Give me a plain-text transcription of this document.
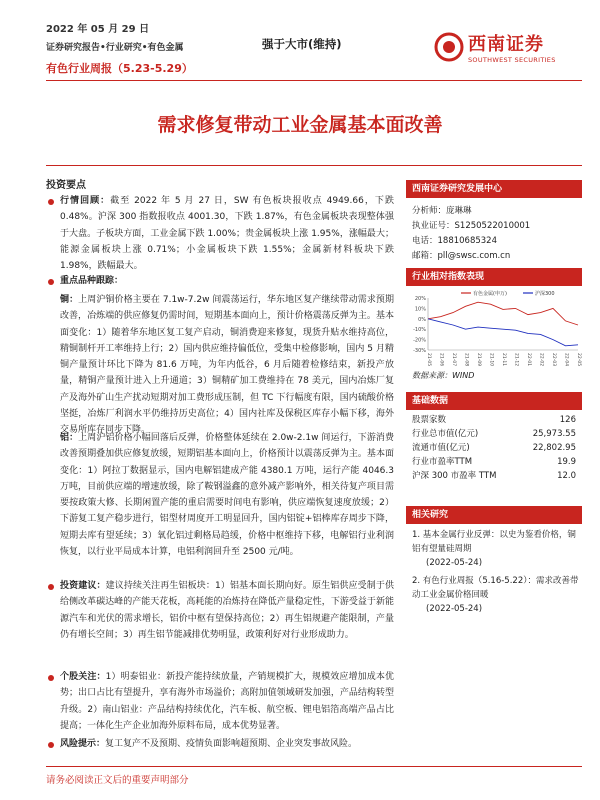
2022 年 05 月 29 日
证券研究报告•行业研究•有色金属
有色行业周报（5.23-5.29）
强于大市(维持)	西南证券
SOUTHWEST SECURITIES
需求修复带动工业金属基本面改善
投资要点
行情回顾：截至 2022 年 5 月 27 日，SW 有色板块报收点 4949.66，下跌 0.48%。沪深 300 指数报收点 4001.30，下跌 1.87%，有色金属板块表现整体强于大盘。子板块方面，工业金属下跌 1.00%；贵金属板块上涨 1.95%，涨幅最大；能源金属板块上涨 0.71%；小金属板块下跌 1.55%；金属新材料板块下跌 1.98%，跌幅最大。
重点品种跟踪：
铜：上周沪铜价格主要在 7.1w-7.2w 间震荡运行，华东地区复产继续带动需求预期改善，冶炼端的供应修复仍需时间，短期基本面向上，预计价格震荡反弹为主。基本面变化：1）随着华东地区复工复产启动，铜消费迎来修复，现货升贴水维持高位，精铜制杆开工率维持上行；2）国内供应维持偏低位，受集中检修影响，国内 5 月精铜产量预计环比下降为 81.6 万吨，为年内低谷，6 月后随着检修结束，新投产放量，精铜产量预计进入上升通道；3）铜精矿加工费维持在 78 美元，国内冶炼厂复产及海外矿山生产扰动短期对加工费形成压制，但 TC 下行幅度有限，国内硫酸价格坚挺，冶炼厂利润水平仍维持历史高位；4）国内社库及保税区库存小幅下移，海外交易所库存同步下降。
铝：上周沪铝价格小幅回落后反弹，价格整体延续在 2.0w-2.1w 间运行，下游消费改善预期叠加供应修复放缓，短期铝基本面向上，价格预计以震荡反弹为主。基本面变化：1）阿拉丁数据显示，国内电解铝建成产能 4380.1 万吨，运行产能 4046.3 万吨，目前供应端的增速放缓，除了鞍钢溢鑫的意外减产影响外，相关待复产项目需要按政策大修、长期闲置产能的重启需要时间电有影响，供应端恢复速度放缓；2）下游复工复产稳步进行，铝型材周度开工明显回升，国内铝锭+铝棒库存周步下降，短期去库有望延续；3）氧化铝过剩格局趋缓，价格中枢维持下移，电解铝行业利润恢复，以行业平局成本计算，电铝利润回升至 2500 元/吨。
投资建议：建议持续关注再生铝板块：1）铝基本面长期向好。原生铝供应受制于供给侧改革碳达峰的产能天花板，高耗能的冶炼持在降低产量稳定性，下游受益于新能源汽车和光伏的需求增长，铝价中枢有望保持高位；2）再生铝规避产能限制，产量仍有增长空间；3）再生铝节能减排优势明显，政策利好对行业形成助力。
个股关注：1）明泰铝业：新投产能持续放量，产销规模扩大，规模效应增加成本优势；出口占比有望提升，享有海外市场溢价；高附加值领域研发加强，产品结构转型升级。2）南山铝业：产品结构持续优化，汽车板、航空板、锂电铝箔高端产品占比提高；一体化生产企业加海外原料布局，成本优势显著。
风险提示：复工复产不及预期、疫情负面影响超预期、企业突发事故风险。
西南证券研究发展中心
分析师：庞琳琳
执业证号：S1250522010001
电话：18810685324
邮箱：pll@swsc.com.cn
行业相对指数表现
20%
10%
0%
-10%
-20%
-30%
21-05 21-06 21-07 21-08 21-09 21-10 21-11 21-12 22-01 22-02 22-03 22-04 22-05
有色金属(申万)	沪深300
数据来源：WIND
基础数据
股票家数	126
行业总市值(亿元)	25,973.55
流通市值(亿元)	22,802.95
行业市盈率TTM	19.9
沪深 300 市盈率 TTM	12.0
相关研究
1. 基本金属行业反弹：以史为鉴看价格，铜铝有望量硅周期
(2022-05-24)
2. 有色行业周报（5.16-5.22）：需求改善带动工业金属价格回暖
(2022-05-24)
请务必阅读正文后的重要声明部分
